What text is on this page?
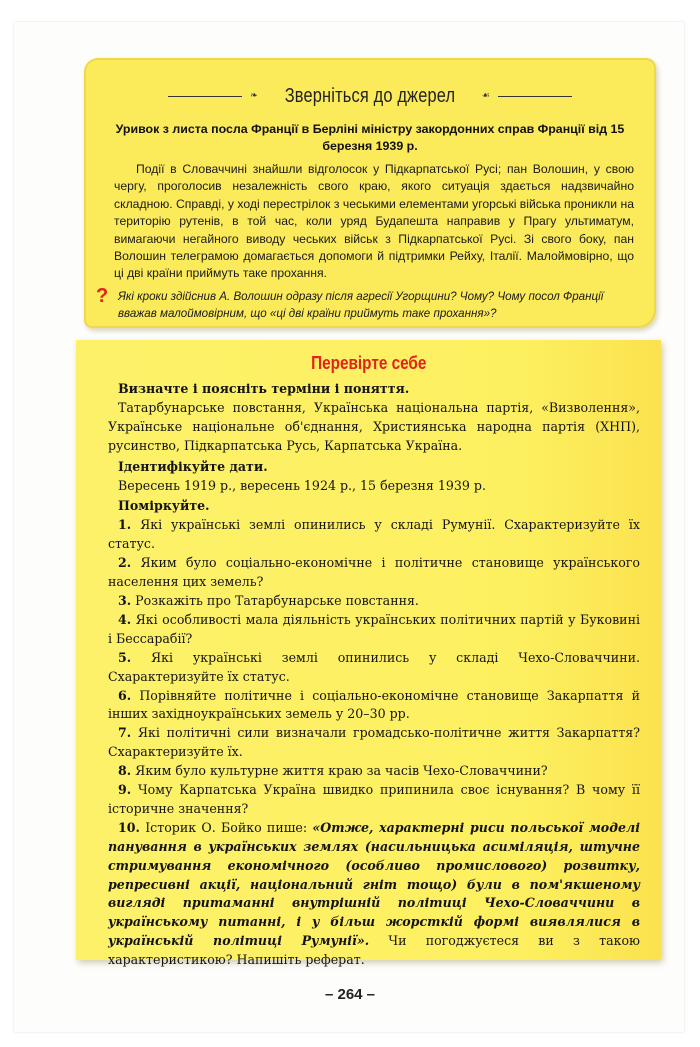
❧ Зверніться до джерел	☙
Уривок з листа посла Франції в Берліні міністру закордонних справ Франції від 15 березня 1939 р.

Події в Словаччині знайшли відголосок у Підкарпатської Русі; пан Волошин, у свою чергу, проголосив незалежність свого краю, якого ситуація здається надзвичайно складною. Справді, у ході перестрілок з чеськими елементами угорські війська проникли на територію рутенів, в той час, коли уряд Будапешта направив у Прагу ультиматум, вимагаючи негайного виводу чеських військ з Підкарпатської Русі. Зі свого боку, пан Волошин телеграмою домагається допомоги й підтримки Рейху, Італії. Малоймовірно, що ці дві країни приймуть таке прохання.

? Які кроки здійснив А. Волошин одразу після агресії Угорщини? Чому? Чому посол Франції вважав малоймовірним, що «ці дві країни приймуть таке прохання»?

Перевірте себе

Визначте і поясніть терміни і поняття.

Татарбунарське повстання, Українська національна партія, «Визволення», Українське національне об'єднання, Християнська народна партія (ХНП), русинство, Підкарпатська Русь, Карпатська Україна.

Ідентифікуйте дати.

Вересень 1919 р., вересень 1924 р., 15 березня 1939 р.

Поміркуйте.

1. Які українські землі опинились у складі Румунії. Схарактеризуйте їх статус.

2. Яким було соціально-економічне і політичне становище українського населення цих земель?

3. Розкажіть про Татарбунарське повстання.

4. Які особливості мала діяльність українських політичних партій у Буковині і Бессарабії?

5. Які українські землі опинились у складі Чехо-Словаччини. Схарактеризуйте їх статус.

6. Порівняйте політичне і соціально-економічне становище Закарпаття й інших західноукраїнських земель у 20–30 рр.

7. Які політичні сили визначали громадсько-політичне життя Закарпаття? Схарактеризуйте їх.

8. Яким було культурне життя краю за часів Чехо-Словаччини?

9. Чому Карпатська Україна швидко припинила своє існування? В чому її історичне значення?

10. Історик О. Бойко пише: «Отже, характерні риси польської моделі панування в українських землях (насильницька асиміляція, штучне стримування економічного (особливо промислового) розвитку, репресивні акції, національний гніт тощо) були в пом'якшеному вигляді притаманні внутрішній політиці Чехо-Словаччини в українському питанні, і у більш жорсткій формі виявлялися в українській політиці Румунії». Чи погоджуєтеся ви з такою характеристикою? Напишіть реферат.

– 264 –
